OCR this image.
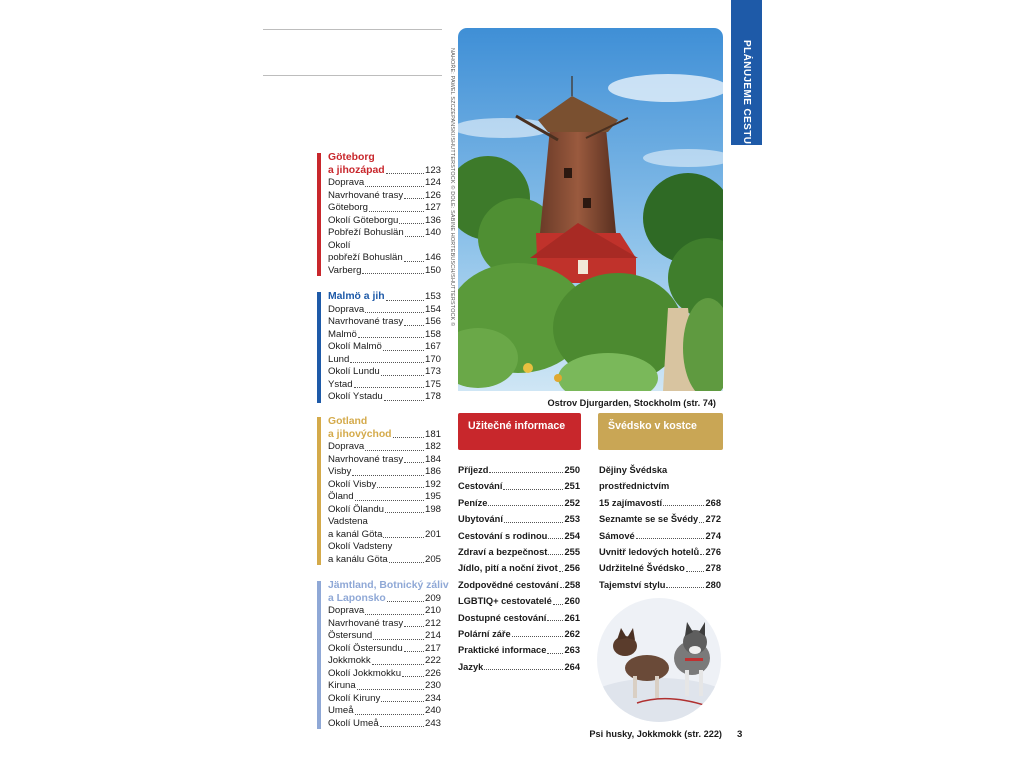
Göteborg
a jihozápad	123
Doprava	124
Navrhované trasy 126
Göteborg	127
Okolí Göteborgu	136
Pobřeží Bohuslän 140
Okolí
pobřeží Bohuslän 146
Varberg	150
Malmö a jih	153
Doprava	154
Navrhované trasy 156
Malmö	158
Okolí Malmö	167
Lund	170
Okolí Lundu	173
Ystad	175
Okolí Ystadu	178
Gotland
a jihovýchod	181
Doprava	182
Navrhované trasy 184
Visby	186
Okolí Visby	192
Öland	195
Okolí Ölandu	198
Vadstena
a kanál Göta	201
Okolí Vadsteny
a kanálu Göta	205
Jämtland, Botnický záliv
a Laponsko	209
Doprava	210
Navrhované trasy 212
Östersund	214
Okolí Östersundu 217
Jokkmokk	222
Okolí Jokkmokku 226
Kiruna	230
Okolí Kiruny	234
Umeå	240
Okolí Umeå	243
NAHOŘE: PAWEL SZCZEPANSKI/SHUTTERSTOCK © DOLE: SABINE HORTEBUSCH/SHUTTERSTOCK ©
Ostrov Djurgarden, Stockholm (str. 74)
PLÁNUJEME CESTU
Užitečné informace	Švédsko v kostce
Příjezd	250
Cestování	251
Peníze	252
Ubytování	253
Cestování s rodinou 254
Zdraví a bezpečnost 255
Jídlo, pití a noční život 256
Zodpovědné cestování 258
LGBTIQ+ cestovatelé 260
Dostupné cestování 261
Polární záře	262
Praktické informace 263
Jazyk	264
Dějiny Švédska
prostřednictvím
15 zajímavostí	268
Seznamte se se Švédy 272
Sámové	274
Uvnitř ledových hotelů 276
Udržitelné Švédsko 278
Tajemství stylu	280
Psi husky, Jokkmokk (str. 222) 3
